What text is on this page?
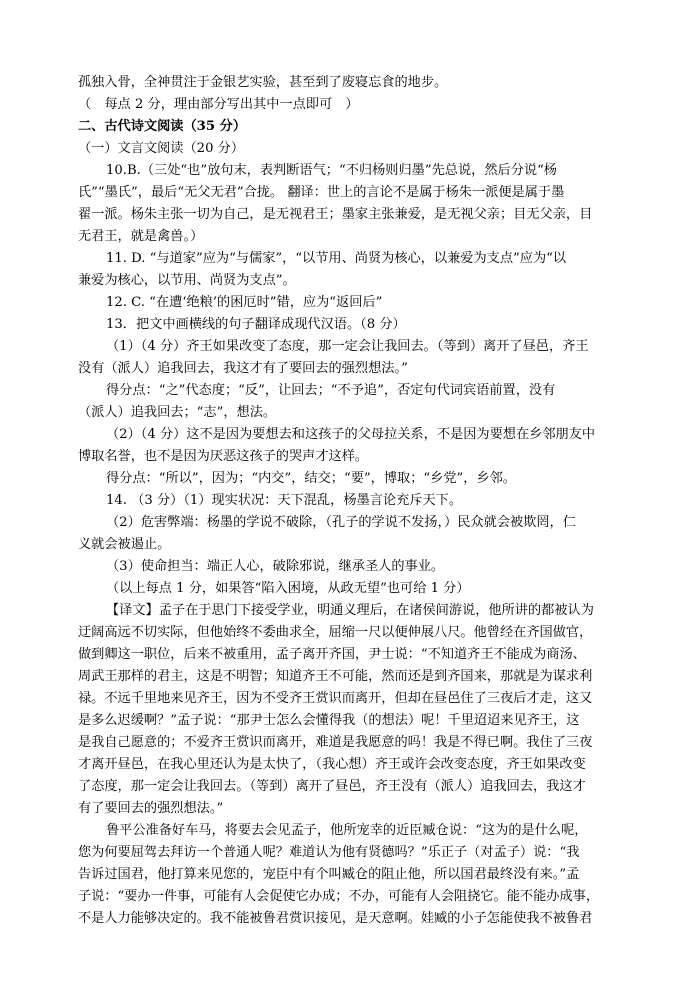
孤独入骨，全神贯注于金银艺实验，甚至到了废寝忘食的地步。
（　每点 2 分，理由部分写出其中一点即可　）
二、古代诗文阅读（35 分）
（一）文言文阅读（20 分）
10.B.（三处“也”放句末，表判断语气；“不归杨则归墨”先总说，然后分说“杨
氏”“墨氏”，最后“无父无君”合拢。 翻译：世上的言论不是属于杨朱一派便是属于墨
翟一派。杨朱主张一切为自己，是无视君王；墨家主张兼爱，是无视父亲；目无父亲，目
无君王，就是禽兽。）
11. D. “与道家”应为“与儒家”，“以节用、尚贤为核心，以兼爱为支点”应为“以
兼爱为核心，以节用、尚贤为支点”。
12. C. “在遭‘绝粮’的困厄时”错，应为“返回后”
13．把文中画横线的句子翻译成现代汉语。（8 分）
（1）（4 分）齐王如果改变了态度，那一定会让我回去。（等到）离开了昼邑，齐王
没有（派人）追我回去，我这才有了要回去的强烈想法。”
得分点：“之”代态度；“反”，让回去；“不予追”，否定句代词宾语前置，没有
（派人）追我回去；“志”，想法。
（2）（4 分）这不是因为要想去和这孩子的父母拉关系，不是因为要想在乡邻朋友中
博取名誉，也不是因为厌恶这孩子的哭声才这样。
得分点：“所以”，因为；“内交”，结交；“要”，博取；“乡党”，乡邻。
14. （3 分）（1）现实状况：天下混乱，杨墨言论充斥天下。
（2）危害弊端：杨墨的学说不破除，（孔子的学说不发扬，）民众就会被欺罔，仁
义就会被遏止。
（3）使命担当：端正人心，破除邪说，继承圣人的事业。
（以上每点 1 分，如果答“陷入困境，从政无望”也可给 1 分）
【译文】孟子在于思门下接受学业，明通义理后，在诸侯间游说，他所讲的都被认为
迂阔高远不切实际，但他始终不委曲求全，屈缩一尺以便伸展八尺。他曾经在齐国做官，
做到卿这一职位，后来不被重用，孟子离开齐国，尹士说：“不知道齐王不能成为商汤、
周武王那样的君主，这是不明智；知道齐王不可能，然而还是到齐国来，那就是为谋求利
禄。不远千里地来见齐王，因为不受齐王赏识而离开，但却在昼邑住了三夜后才走，这又
是多么迟缓啊？”孟子说：“那尹士怎么会懂得我（的想法）呢！千里迢迢来见齐王，这
是我自己愿意的；不爱齐王赏识而离开，难道是我愿意的吗！我是不得已啊。我住了三夜
才离开昼邑，在我心里还认为是太快了，（我心想）齐王或许会改变态度，齐王如果改变
了态度，那一定会让我回去。（等到）离开了昼邑，齐王没有（派人）追我回去，我这才
有了要回去的强烈想法。”
鲁平公准备好车马，将要去会见孟子，他所宠幸的近臣臧仓说：“这为的是什么呢，
您为何要屈驾去拜访一个普通人呢？难道认为他有贤德吗？”乐正子（对孟子）说：“我
告诉过国君，他打算来见您的，宠臣中有个叫臧仓的阻止他，所以国君最终没有来。”孟
子说：“要办一件事，可能有人会促使它办成；不办，可能有人会阻挠它。能不能办成事，
不是人力能够决定的。我不能被鲁君赏识接见，是天意啊。娃臧的小子怎能使我不被鲁君
